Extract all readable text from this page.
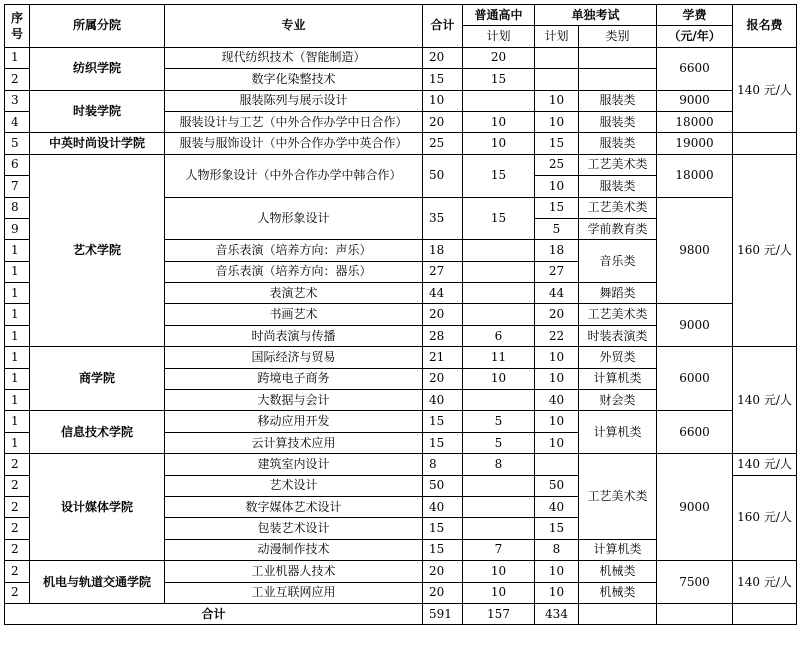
序号	所属分院	专业	合计	普通高中	单独考试		学费	报名费
				计划	计划	类别	（元/年）	
1	纺织学院	现代纺织技术（智能制造）	20	20			6600	140 元/人
2		数字化染整技术	15	15				
3	时装学院	服装陈列与展示设计	10		10	服装类	9000	
4		服装设计与工艺（中外合作办学中日合作）	20	10	10	服装类	18000	
5	中英时尚设计学院	服装与服饰设计（中外合作办学中英合作）	25	10	15	服装类	19000	
6	艺术学院	人物形象设计（中外合作办学中韩合作）	50	15	25	工艺美术类	18000	160 元/人
7					10	服装类		
8		人物形象设计	35	15	15	工艺美术类	9800	
9					5	学前教育类		
1		音乐表演（培养方向：声乐）	18		18	音乐类		
1		音乐表演（培养方向：器乐）	27		27			
1		表演艺术	44		44	舞蹈类		
1		书画艺术	20		20	工艺美术类	9000	
1		时尚表演与传播	28	6	22	时装表演类		
1	商学院	国际经济与贸易	21	11	10	外贸类	6000	140 元/人
1		跨境电子商务	20	10	10	计算机类		
1		大数据与会计	40		40	财会类		
1	信息技术学院	移动应用开发	15	5	10	计算机类	6600	
1		云计算技术应用	15	5	10			
2	设计媒体学院	建筑室内设计	8	8		工艺美术类	9000	140 元/人
2		艺术设计	50		50			160 元/人
2		数字媒体艺术设计	40		40			
2		包装艺术设计	15		15			
2		动漫制作技术	15	7	8	计算机类		
2	机电与轨道交通学院	工业机器人技术	20	10	10	机械类	7500	140 元/人
2		工业互联网应用	20	10	10	机械类		
合计			591	157	434			
